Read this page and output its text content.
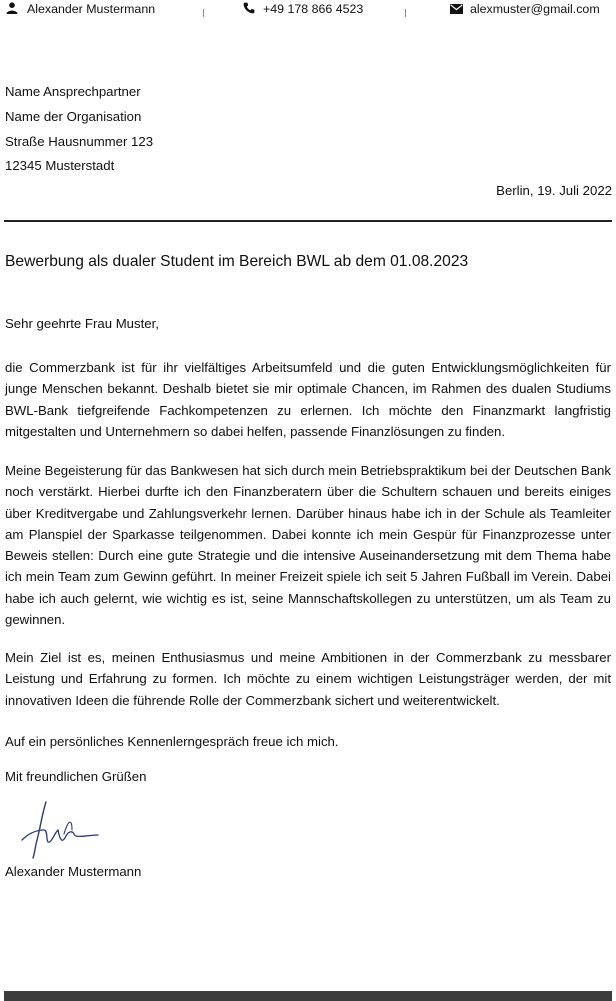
Alexander Mustermann	+49 178 866 4523	alexmuster@gmail.com
Name Ansprechpartner
Name der Organisation
Straße Hausnummer 123
12345 Musterstadt
Berlin, 19. Juli 2022
Bewerbung als dualer Student im Bereich BWL ab dem 01.08.2023
Sehr geehrte Frau Muster,
die Commerzbank ist für ihr vielfältiges Arbeitsumfeld und die guten Entwicklungsmöglichkeiten für junge Menschen bekannt. Deshalb bietet sie mir optimale Chancen, im Rahmen des dualen Studiums BWL-Bank tiefgreifende Fachkompetenzen zu erlernen. Ich möchte den Finanzmarkt langfristig mitgestalten und Unternehmern so dabei helfen, passende Finanzlösungen zu finden.
Meine Begeisterung für das Bankwesen hat sich durch mein Betriebspraktikum bei der Deutschen Bank noch verstärkt. Hierbei durfte ich den Finanzberatern über die Schultern schauen und bereits einiges über Kreditvergabe und Zahlungsverkehr lernen. Darüber hinaus habe ich in der Schule als Teamleiter am Planspiel der Sparkasse teilgenommen. Dabei konnte ich mein Gespür für Finanzprozesse unter Beweis stellen: Durch eine gute Strategie und die intensive Auseinandersetzung mit dem Thema habe ich mein Team zum Gewinn geführt. In meiner Freizeit spiele ich seit 5 Jahren Fußball im Verein. Dabei habe ich auch gelernt, wie wichtig es ist, seine Mannschaftskollegen zu unterstützen, um als Team zu gewinnen.
Mein Ziel ist es, meinen Enthusiasmus und meine Ambitionen in der Commerzbank zu messbarer Leistung und Erfahrung zu formen. Ich möchte zu einem wichtigen Leistungsträger werden, der mit innovativen Ideen die führende Rolle der Commerzbank sichert und weiterentwickelt.
Auf ein persönliches Kennenlerngespräch freue ich mich.
Mit freundlichen Grüßen
Alexander Mustermann
